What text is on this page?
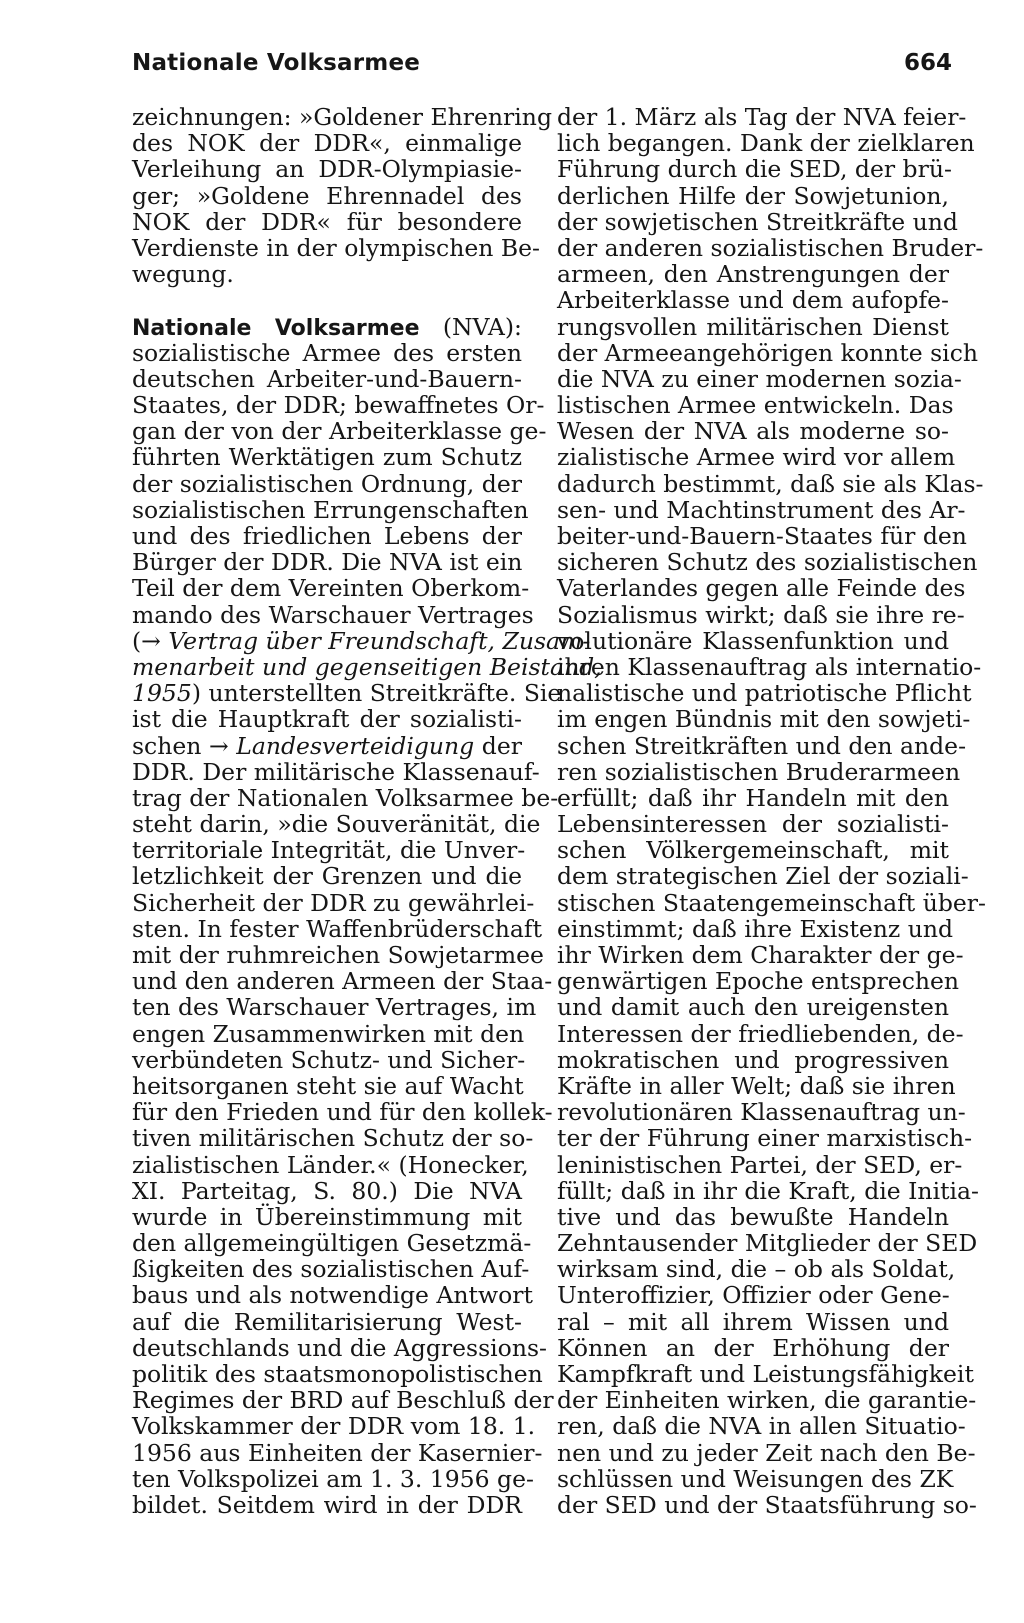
Nationale Volksarmee	664
zeichnungen: »Goldener Ehrenring
des NOK der DDR«, einmalige
Verleihung an DDR-Olympiasie-
ger; »Goldene Ehrennadel des
NOK der DDR« für besondere
Verdienste in der olympischen Be-
wegung.
Nationale Volksarmee (NVA):
sozialistische Armee des ersten
deutschen Arbeiter-und-Bauern-
Staates, der DDR; bewaffnetes Or-
gan der von der Arbeiterklasse ge-
führten Werktätigen zum Schutz
der sozialistischen Ordnung, der
sozialistischen Errungenschaften
und des friedlichen Lebens der
Bürger der DDR. Die NVA ist ein
Teil der dem Vereinten Oberkom-
mando des Warschauer Vertrages
(→ Vertrag über Freundschaft, Zusam-
menarbeit und gegenseitigen Beistand,
1955) unterstellten Streitkräfte. Sie
ist die Hauptkraft der sozialisti-
schen → Landesverteidigung der
DDR. Der militärische Klassenauf-
trag der Nationalen Volksarmee be-
steht darin, »die Souveränität, die
territoriale Integrität, die Unver-
letzlichkeit der Grenzen und die
Sicherheit der DDR zu gewährlei-
sten. In fester Waffenbrüderschaft
mit der ruhmreichen Sowjetarmee
und den anderen Armeen der Staa-
ten des Warschauer Vertrages, im
engen Zusammenwirken mit den
verbündeten Schutz- und Sicher-
heitsorganen steht sie auf Wacht
für den Frieden und für den kollek-
tiven militärischen Schutz der so-
zialistischen Länder.« (Honecker,
XI. Parteitag, S. 80.) Die NVA
wurde in Übereinstimmung mit
den allgemeingültigen Gesetzmä-
ßigkeiten des sozialistischen Auf-
baus und als notwendige Antwort
auf die Remilitarisierung West-
deutschlands und die Aggressions-
politik des staatsmonopolistischen
Regimes der BRD auf Beschluß der
Volkskammer der DDR vom 18. 1.
1956 aus Einheiten der Kasernier-
ten Volkspolizei am 1. 3. 1956 ge-
bildet. Seitdem wird in der DDR
der 1. März als Tag der NVA feier-
lich begangen. Dank der zielklaren
Führung durch die SED, der brü-
derlichen Hilfe der Sowjetunion,
der sowjetischen Streitkräfte und
der anderen sozialistischen Bruder-
armeen, den Anstrengungen der
Arbeiterklasse und dem aufopfe-
rungsvollen militärischen Dienst
der Armeeangehörigen konnte sich
die NVA zu einer modernen sozia-
listischen Armee entwickeln. Das
Wesen der NVA als moderne so-
zialistische Armee wird vor allem
dadurch bestimmt, daß sie als Klas-
sen- und Machtinstrument des Ar-
beiter-und-Bauern-Staates für den
sicheren Schutz des sozialistischen
Vaterlandes gegen alle Feinde des
Sozialismus wirkt; daß sie ihre re-
volutionäre Klassenfunktion und
ihren Klassenauftrag als internatio-
nalistische und patriotische Pflicht
im engen Bündnis mit den sowjeti-
schen Streitkräften und den ande-
ren sozialistischen Bruderarmeen
erfüllt; daß ihr Handeln mit den
Lebensinteressen der sozialisti-
schen Völkergemeinschaft, mit
dem strategischen Ziel der soziali-
stischen Staatengemeinschaft über-
einstimmt; daß ihre Existenz und
ihr Wirken dem Charakter der ge-
genwärtigen Epoche entsprechen
und damit auch den ureigensten
Interessen der friedliebenden, de-
mokratischen und progressiven
Kräfte in aller Welt; daß sie ihren
revolutionären Klassenauftrag un-
ter der Führung einer marxistisch-
leninistischen Partei, der SED, er-
füllt; daß in ihr die Kraft, die Initia-
tive und das bewußte Handeln
Zehntausender Mitglieder der SED
wirksam sind, die – ob als Soldat,
Unteroffizier, Offizier oder Gene-
ral – mit all ihrem Wissen und
Können an der Erhöhung der
Kampfkraft und Leistungsfähigkeit
der Einheiten wirken, die garantie-
ren, daß die NVA in allen Situatio-
nen und zu jeder Zeit nach den Be-
schlüssen und Weisungen des ZK
der SED und der Staatsführung so-
